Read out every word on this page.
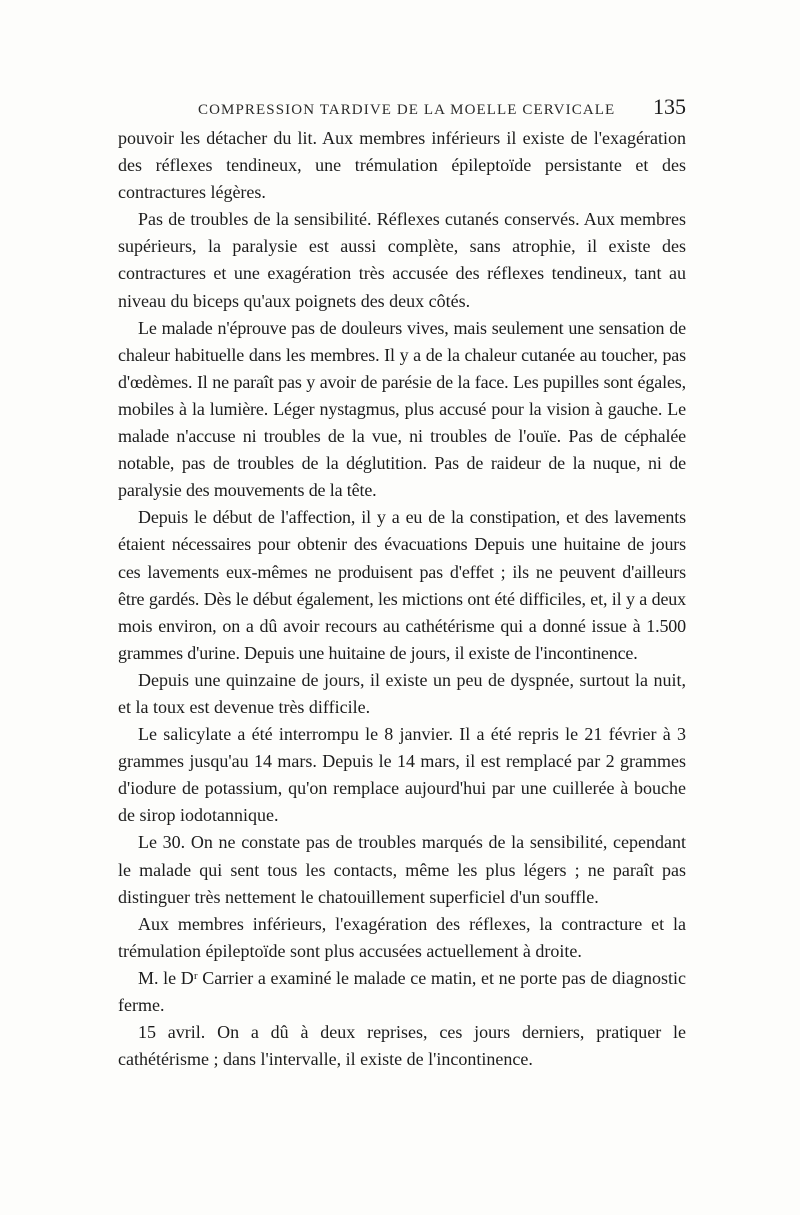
COMPRESSION TARDIVE DE LA MOELLE CERVICALE 135

pouvoir les détacher du lit. Aux membres inférieurs il existe de l'exagération des réflexes tendineux, une trémulation épileptoïde persistante et des contractures légères.

Pas de troubles de la sensibilité. Réflexes cutanés conservés. Aux membres supérieurs, la paralysie est aussi complète, sans atrophie, il existe des contractures et une exagération très accusée des réflexes tendineux, tant au niveau du biceps qu'aux poignets des deux côtés.

Le malade n'éprouve pas de douleurs vives, mais seulement une sensation de chaleur habituelle dans les membres. Il y a de la chaleur cutanée au toucher, pas d'œdèmes. Il ne paraît pas y avoir de parésie de la face. Les pupilles sont égales, mobiles à la lumière. Léger nystagmus, plus accusé pour la vision à gauche. Le malade n'accuse ni troubles de la vue, ni troubles de l'ouïe. Pas de céphalée notable, pas de troubles de la déglutition. Pas de raideur de la nuque, ni de paralysie des mouvements de la tête.

Depuis le début de l'affection, il y a eu de la constipation, et des lavements étaient nécessaires pour obtenir des évacuations Depuis une huitaine de jours ces lavements eux-mêmes ne produisent pas d'effet ; ils ne peuvent d'ailleurs être gardés. Dès le début également, les mictions ont été difficiles, et, il y a deux mois environ, on a dû avoir recours au cathétérisme qui a donné issue à 1.500 grammes d'urine. Depuis une huitaine de jours, il existe de l'incontinence.

Depuis une quinzaine de jours, il existe un peu de dyspnée, surtout la nuit, et la toux est devenue très difficile.

Le salicylate a été interrompu le 8 janvier. Il a été repris le 21 février à 3 grammes jusqu'au 14 mars. Depuis le 14 mars, il est remplacé par 2 grammes d'iodure de potassium, qu'on remplace aujourd'hui par une cuillerée à bouche de sirop iodotannique.

Le 30. On ne constate pas de troubles marqués de la sensibilité, cependant le malade qui sent tous les contacts, même les plus légers ; ne paraît pas distinguer très nettement le chatouillement superficiel d'un souffle.

Aux membres inférieurs, l'exagération des réflexes, la contracture et la trémulation épileptoïde sont plus accusées actuellement à droite.

M. le Dʳ Carrier a examiné le malade ce matin, et ne porte pas de diagnostic ferme.

15 avril. On a dû à deux reprises, ces jours derniers, pratiquer le cathétérisme ; dans l'intervalle, il existe de l'incontinence.
